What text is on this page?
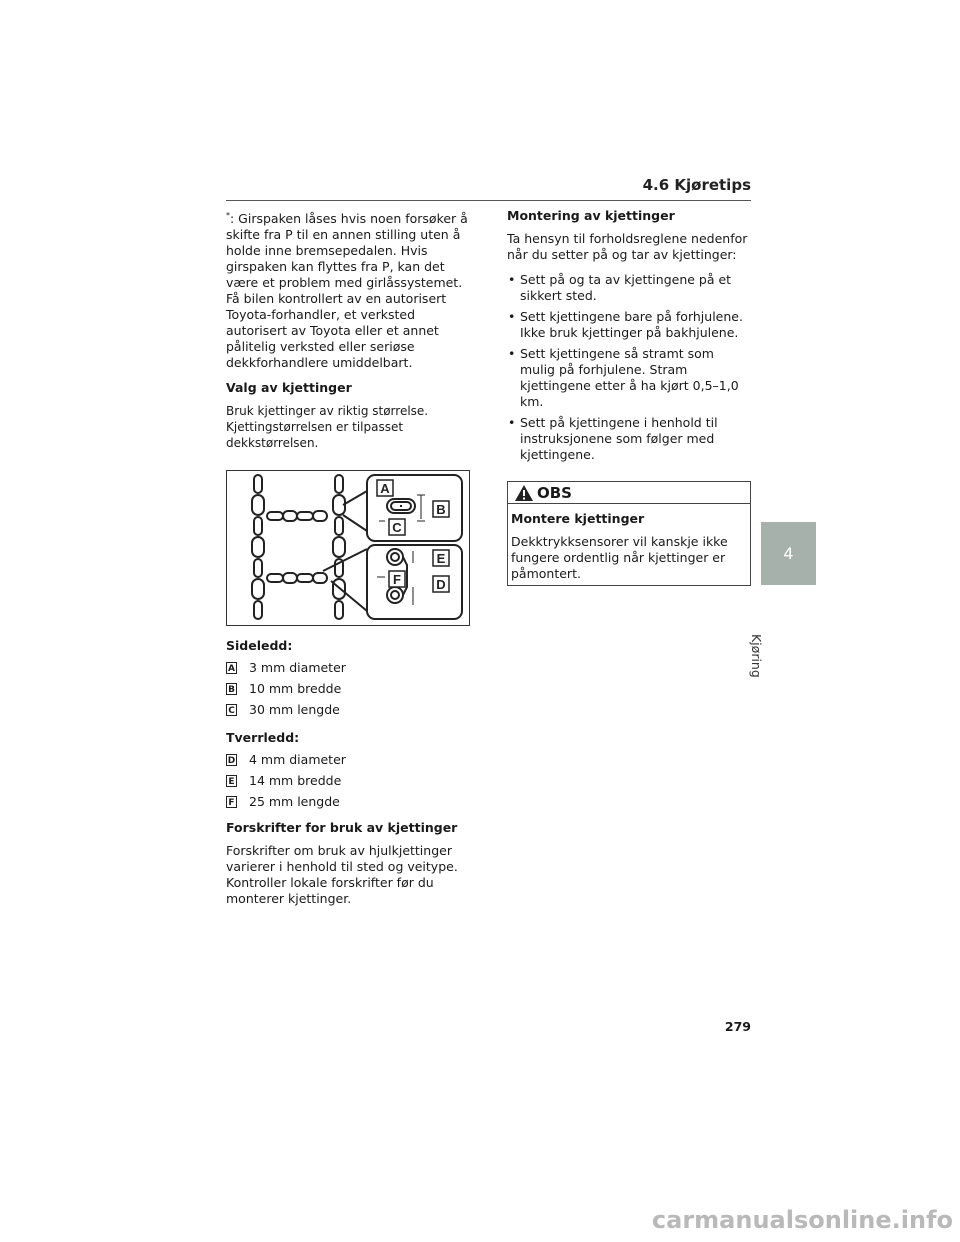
4.6 Kjøretips

*: Girspaken låses hvis noen forsøker å skifte fra P til en annen stilling uten å holde inne bremsepedalen. Hvis girspaken kan flyttes fra P, kan det være et problem med girlåssystemet. Få bilen kontrollert av en autorisert Toyota-forhandler, et verksted autorisert av Toyota eller et annet pålitelig verksted eller seriøse dekkforhandlere umiddelbart.

Valg av kjettinger

Bruk kjettinger av riktig størrelse. Kjettingstørrelsen er tilpasset dekkstørrelsen.

A
B
C
E
F	D
Sideledd:
A 3 mm diameter
B 10 mm bredde
C 30 mm lengde
Tverrledd:
D 4 mm diameter
E 14 mm bredde
F 25 mm lengde

Forskrifter for bruk av kjettinger

Forskrifter om bruk av hjulkjettinger varierer i henhold til sted og veitype. Kontroller lokale forskrifter før du monterer kjettinger.

Montering av kjettinger

Ta hensyn til forholdsreglene nedenfor når du setter på og tar av kjettinger:

• Sett på og ta av kjettingene på et sikkert sted.
• Sett kjettingene bare på forhjulene. Ikke bruk kjettinger på bakhjulene.
• Sett kjettingene så stramt som mulig på forhjulene. Stram kjettingene etter å ha kjørt 0,5–1,0 km.
• Sett på kjettingene i henhold til instruksjonene som følger med kjettingene.
OBS

Montere kjettinger

Dekktrykksensorer vil kanskje ikke fungere ordentlig når kjettinger er påmontert.

4
Kjøring
279
carmanualsonline.info
